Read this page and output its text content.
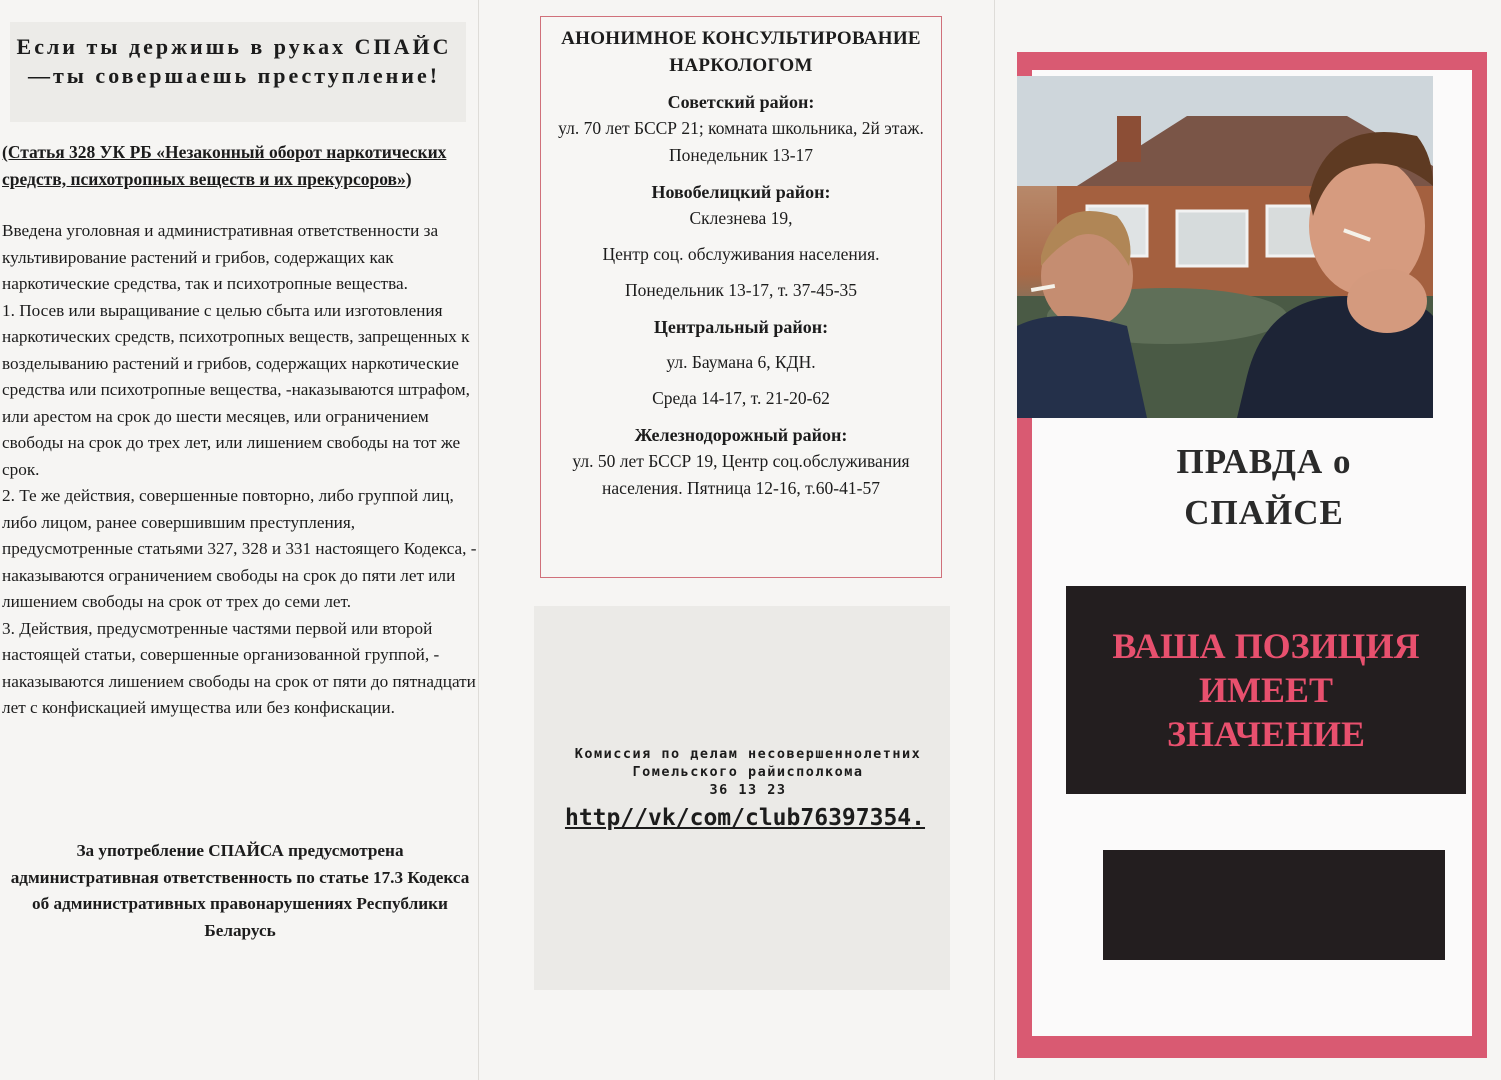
Если ты держишь в руках СПАЙС—ты совершаешь преступление!
(Статья 328 УК РБ «Незаконный оборот наркотических средств, психотропных веществ и их прекурсоров»)

Введена уголовная и административная ответственности за культивирование растений и грибов, содержащих как наркотические средства, так и психотропные вещества.

1. Посев или выращивание с целью сбыта или изготовления наркотических средств, психотропных веществ, запрещенных к возделыванию растений и грибов, содержащих наркотические средства или психотропные вещества, -наказываются штрафом, или арестом на срок до шести месяцев, или ограничением свободы на срок до трех лет, или лишением свободы на тот же срок.

2. Те же действия, совершенные повторно, либо группой лиц, либо лицом, ранее совершившим преступления, предусмотренные статьями 327, 328 и 331 настоящего Кодекса, - наказываются ограничением свободы на срок до пяти лет или лишением свободы на срок от трех до семи лет.

3. Действия, предусмотренные частями первой или второй настоящей статьи, совершенные организованной группой, - наказываются лишением свободы на срок от пяти до пятнадцати лет с конфискацией имущества или без конфискации.

За употребление СПАЙСА предусмотрена административная ответственность по статье 17.3 Кодекса об административных правонарушениях Республики Беларусь
АНОНИМНОЕ КОНСУЛЬТИРОВАНИЕ НАРКОЛОГОМ
Советский район:
ул. 70 лет БССР 21; комната школьника, 2й этаж. Понедельник 13-17
Новобелицкий район:
Склезнева 19,
Центр соц. обслуживания населения.
Понедельник 13-17, т. 37-45-35
Центральный район:
ул. Баумана 6, КДН.
Среда 14-17, т. 21-20-62
Железнодорожный район:
ул. 50 лет БССР 19, Центр соц.обслуживания населения. Пятница 12-16, т.60-41-57
Комиссия по делам несовершеннолетних
Гомельского райисполкома
36 13 23
http//vk/com/club76397354.
ПРАВДА о
СПАЙСЕ
ВАША ПОЗИЦИЯ
ИМЕЕТ
ЗНАЧЕНИЕ
